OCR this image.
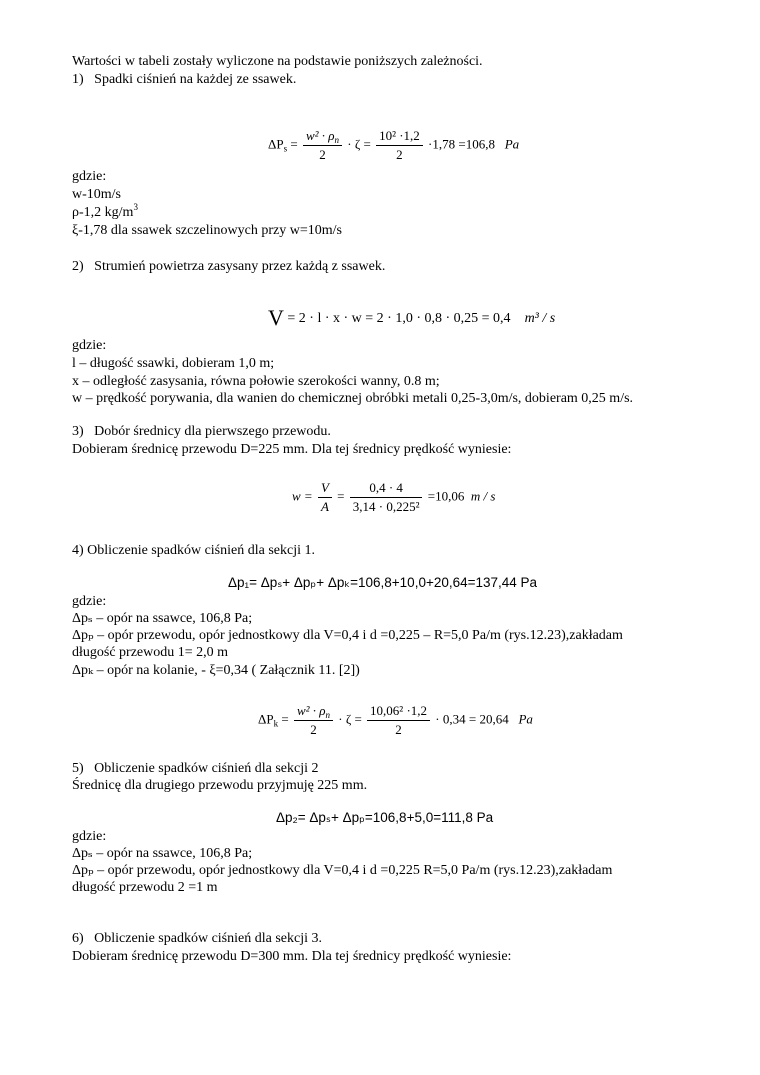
Wartości w tabeli zostały wyliczone na podstawie poniższych zależności.
1)   Spadki ciśnień na każdej ze ssawek.
$\Delta P_s = \frac{w^2 \cdot \rho_n}{2} \cdot \zeta = \frac{\text{10² ·1,2}}{2} \cdot 1,78 =106,8$ Pa
gdzie:
w-10m/s
ρ-1,2 $kg/m^3$
ξ-1,78 dla ssawek szczelinowych przy w=10m/s
2)   Strumień powietrza zasysany przez każdą z ssawek.
V = 2 · l · x · w = 2 · 1,0 · 0,8 · 0,25 = 0,4 m³ / s
gdzie:
l – długość ssawki, dobieram 1,0 m;
x – odległość zasysania, równa połowie szerokości wanny, 0.8 m;
w – prędkość porywania, dla wanien do chemicznej obróbki metali 0,25-3,0m/s, dobieram 0,25 m/s.
3)   Dobór średnicy dla pierwszego przewodu.
Dobieram średnicę przewodu D=225 mm. Dla tej średnicy prędkość wyniesie:
$w = \frac{V}{A} = \frac{0,4 \cdot 4}{\text{3,14 · 0,225²}} =10,06$ m / s
4) Obliczenie spadków ciśnień dla sekcji 1.
Δp₁= Δpₛ+ Δpₚ+ Δpₖ=106,8+10,0+20,64=137,44 Pa
gdzie:
Δpₛ – opór na ssawce, 106,8 Pa;
Δpₚ – opór przewodu, opór jednostkowy dla V=0,4 i d =0,225 – R=5,0 Pa/m (rys.12.23),zakładam
długość przewodu 1= 2,0 m
Δpₖ – opór na kolanie, - ξ=0,34 ( Załącznik 11. [2])
$\Delta P_k = \frac{w^2 \cdot \rho_n}{2} \cdot \zeta = \frac{\text{10,06² ·1,2}}{2} \cdot 0,34 = 20,64$ Pa
5)   Obliczenie spadków ciśnień dla sekcji 2
Średnicę dla drugiego przewodu przyjmuję 225 mm.
Δp₂= Δpₛ+ Δpₚ=106,8+5,0=111,8 Pa
gdzie:
Δpₛ – opór na ssawce, 106,8 Pa;
Δpₚ – opór przewodu, opór jednostkowy dla V=0,4 i d =0,225 R=5,0 Pa/m (rys.12.23),zakładam
długość przewodu 2 =1 m
6)   Obliczenie spadków ciśnień dla sekcji 3.
Dobieram średnicę przewodu D=300 mm. Dla tej średnicy prędkość wyniesie:
